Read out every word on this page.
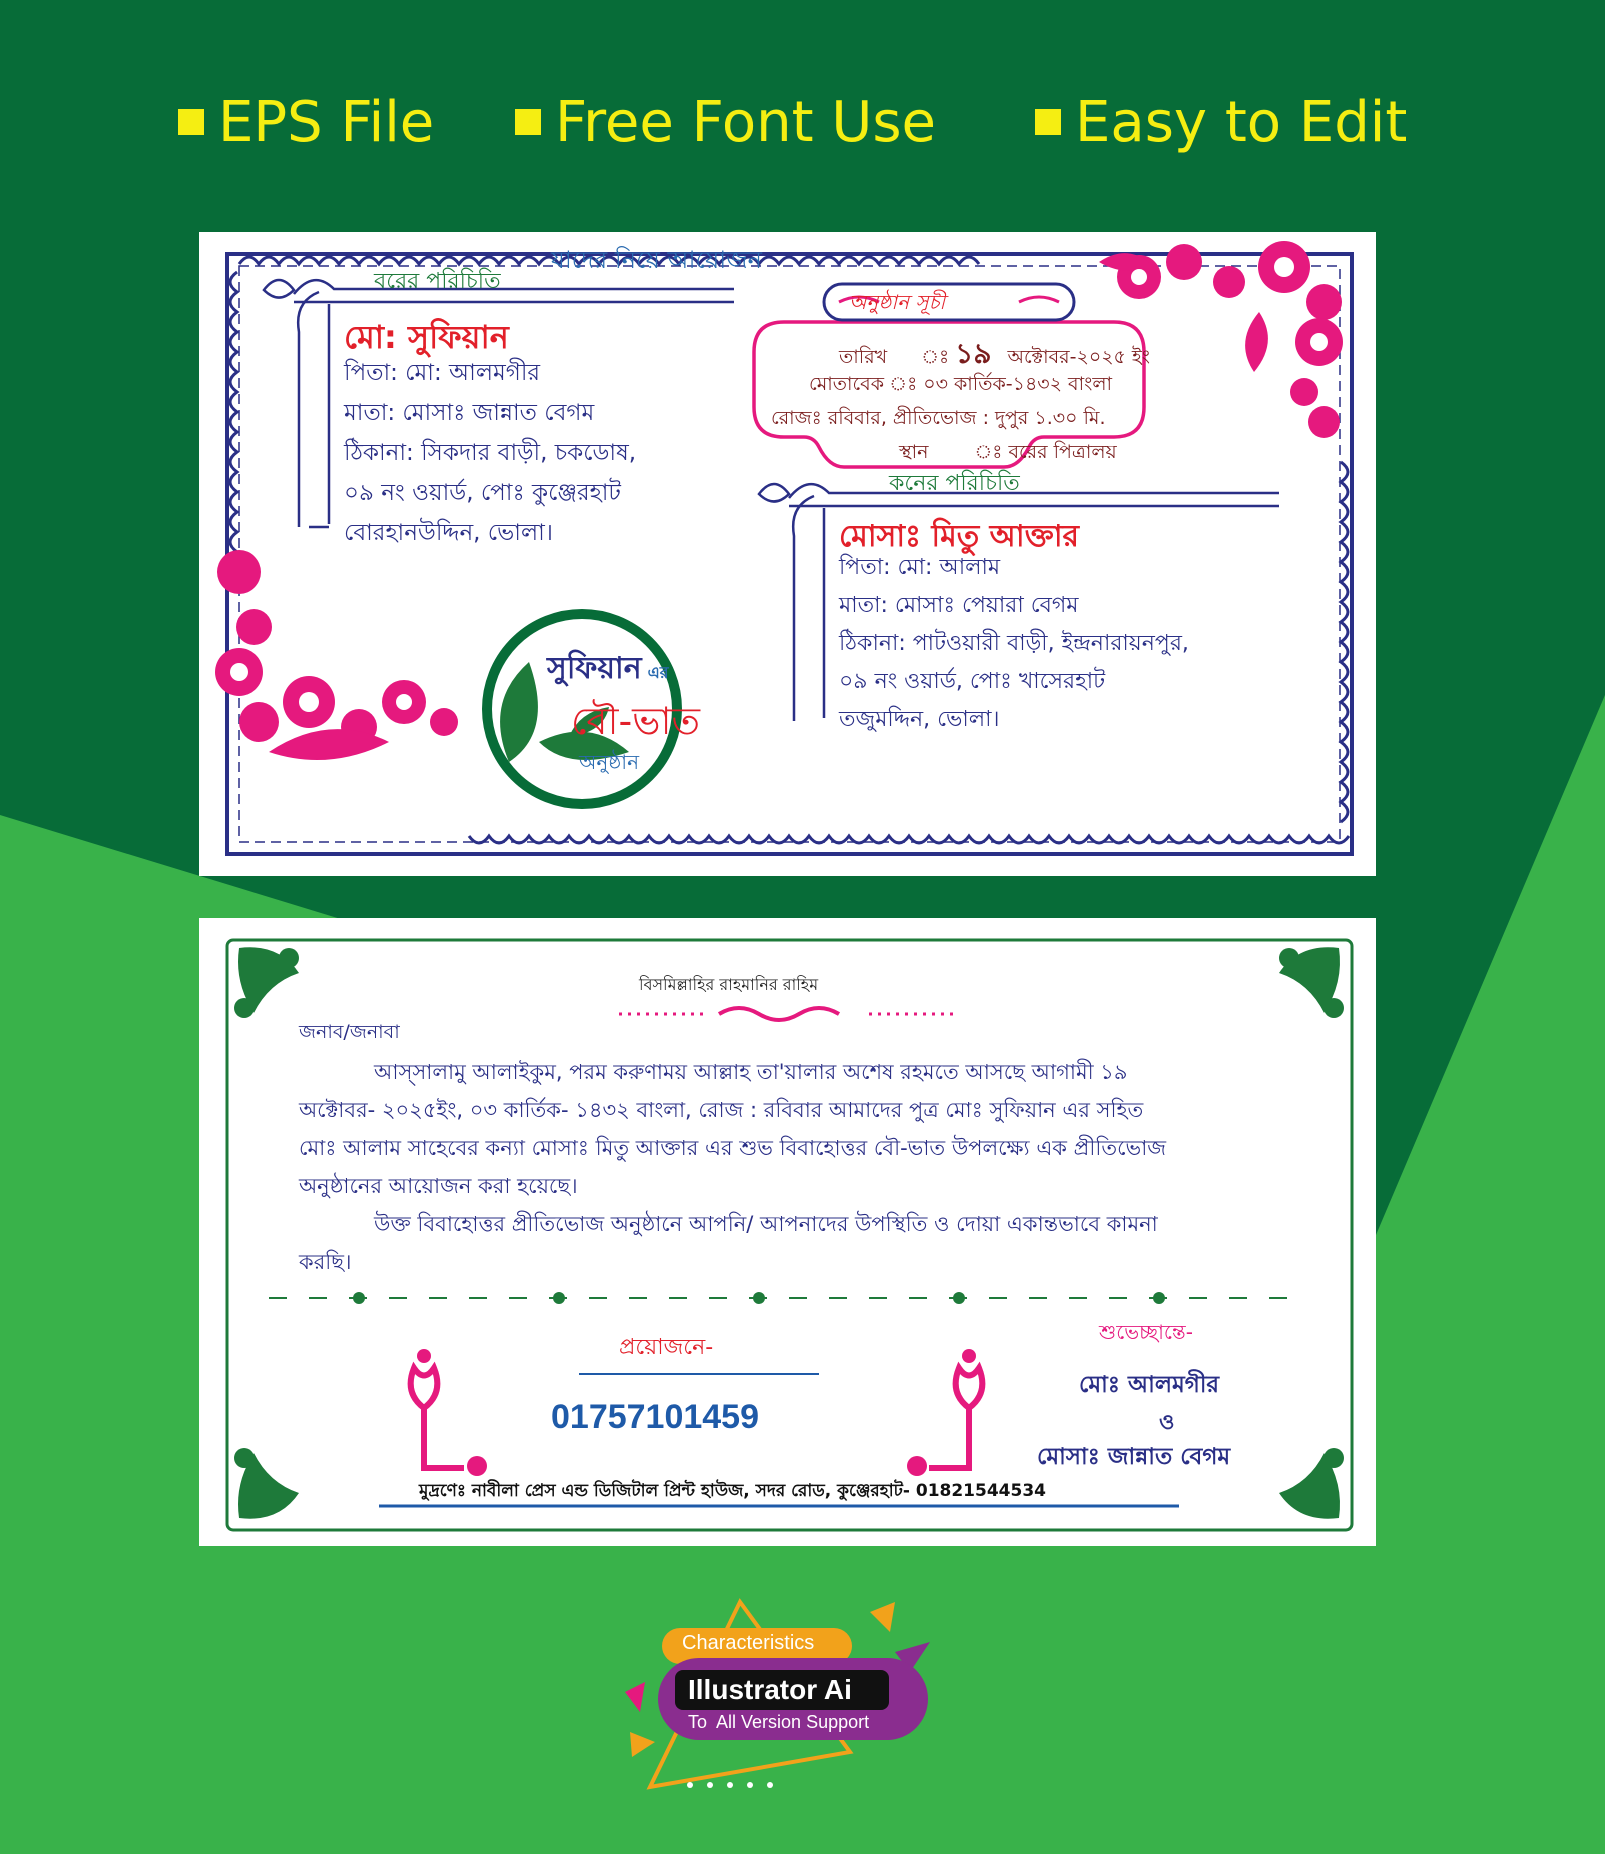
EPS File	Free Font Use	Easy to Edit
যাদের নিয়ে আয়োজন
অনুষ্ঠান সূচী
বরের পরিচিতি
মো: সুফিয়ান
পিতা: মো: আলমগীর
মাতা: মোসাঃ জান্নাত বেগম
ঠিকানা: সিকদার বাড়ী, চকডোষ,
০৯ নং ওয়ার্ড, পোঃ কুঞ্জেরহাট
বোরহানউদ্দিন, ভোলা।
তারিখ ঃ ১৯ অক্টোবর-২০২৫ ইং
মোতাবেক ঃ ০৩ কার্তিক-১৪৩২ বাংলা
রোজঃ রবিবার, প্রীতিভোজ : দুপুর ১.৩০ মি.
স্থান ঃ বরের পিত্রালয়
কনের পরিচিতি
মোসাঃ মিতু আক্তার
পিতা: মো: আলাম
মাতা: মোসাঃ পেয়ারা বেগম
ঠিকানা: পাটওয়ারী বাড়ী, ইন্দ্রনারায়নপুর,
০৯ নং ওয়ার্ড, পোঃ খাসেরহাট
তজুমদ্দিন, ভোলা।
সুফিয়ান এর
বৌ-ভাত
অনুষ্ঠান
বিসমিল্লাহির রাহমানির রাহিম
জনাব/জনাবা
আস্‌সালামু আলাইকুম, পরম করুণাময় আল্লাহ তা'য়ালার অশেষ রহমতে আসছে আগামী ১৯
অক্টোবর- ২০২৫ইং, ০৩ কার্তিক- ১৪৩২ বাংলা, রোজ : রবিবার আমাদের পুত্র মোঃ সুফিয়ান এর সহিত
মোঃ আলাম সাহেবের কন্যা মোসাঃ মিতু আক্তার এর শুভ বিবাহোত্তর বৌ-ভাত উপলক্ষ্যে এক প্রীতিভোজ
অনুষ্ঠানের আয়োজন করা হয়েছে।
উক্ত বিবাহোত্তর প্রীতিভোজ অনুষ্ঠানে আপনি/ আপনাদের উপস্থিতি ও দোয়া একান্তভাবে কামনা
করছি।
প্রয়োজনে-
01757101459
শুভেচ্ছান্তে-
মোঃ আলমগীর
ও
মোসাঃ জান্নাত বেগম
মুদ্রণেঃ নাবীলা প্রেস এন্ড ডিজিটাল প্রিন্ট হাউজ, সদর রোড, কুঞ্জেরহাট- 01821544534
Characteristics
Illustrator Ai
To  All Version Support
